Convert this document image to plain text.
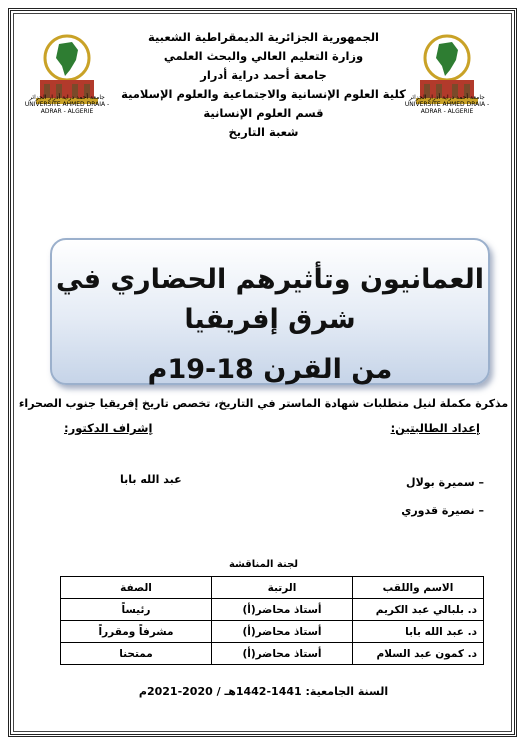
جامعة أحمد دراية أدرار الجزائر
UNIVERSITE AHMED DRAIA - ADRAR - ALGERIE
جامعة أحمد دراية أدرار الجزائر
UNIVERSITE AHMED DRAIA - ADRAR - ALGERIE
الجمهورية الجزائرية الديمقراطية الشعبية
وزارة التعليم العالي والبحث العلمي
جامعة أحمد دراية أدرار
كلية العلوم الإنسانية والاجتماعية والعلوم الإسلامية
قسم العلوم الإنسانية
شعبة التاريخ
العمانيون وتأثيرهم الحضاري في شرق إفريقيا
من القرن 18-19م
مذكرة مكملة لنيل متطلبات شهادة الماستر في التاريخ، تخصص تاريخ إفريقيا جنوب الصحراء
إعداد الطالبتين:
إشراف الدكتور:
– سميرة بولال
– نصيرة قدوري
عبد الله بابا
لجنة المناقشة
الاسم واللقب	الرتبة	الصفة
د. بلبالي عبد الكريم	أستاذ محاضر(أ)	رئيساً
د. عبد الله بابا	أستاذ محاضر(أ)	مشرفاً ومقرراً
د. كمون عبد السلام	أستاذ محاضر(أ)	ممتحنا
السنة الجامعية: 1441-1442هـ / 2020-2021م
